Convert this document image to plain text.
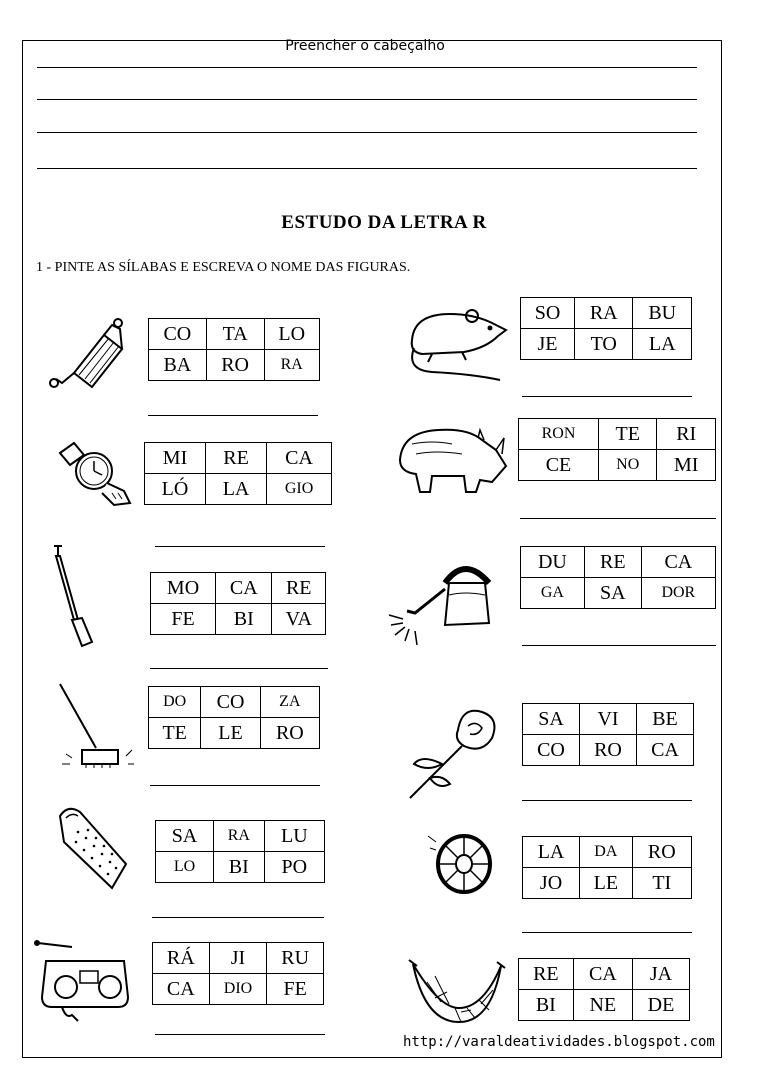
Preencher o cabeçalho
ESTUDO DA LETRA R
1 - PINTE AS SÍLABAS E ESCREVA O NOME DAS FIGURAS.
CO	TA	LO
BA	RO	RA
MI	RE	CA
LÓ	LA	GIO
MO	CA	RE
FE	BI	VA
DO	CO	ZA
TE	LE	RO
SA	RA	LU
LO	BI	PO
RÁ	JI	RU
CA	DIO	FE
SO	RA	BU
JE	TO	LA
RON	TE	RI
CE	NO	MI
DU	RE	CA
GA	SA	DOR
SA	VI	BE
CO	RO	CA
LA	DA	RO
JO	LE	TI
RE	CA	JA
BI	NE	DE
http://varaldeatividades.blogspot.com
